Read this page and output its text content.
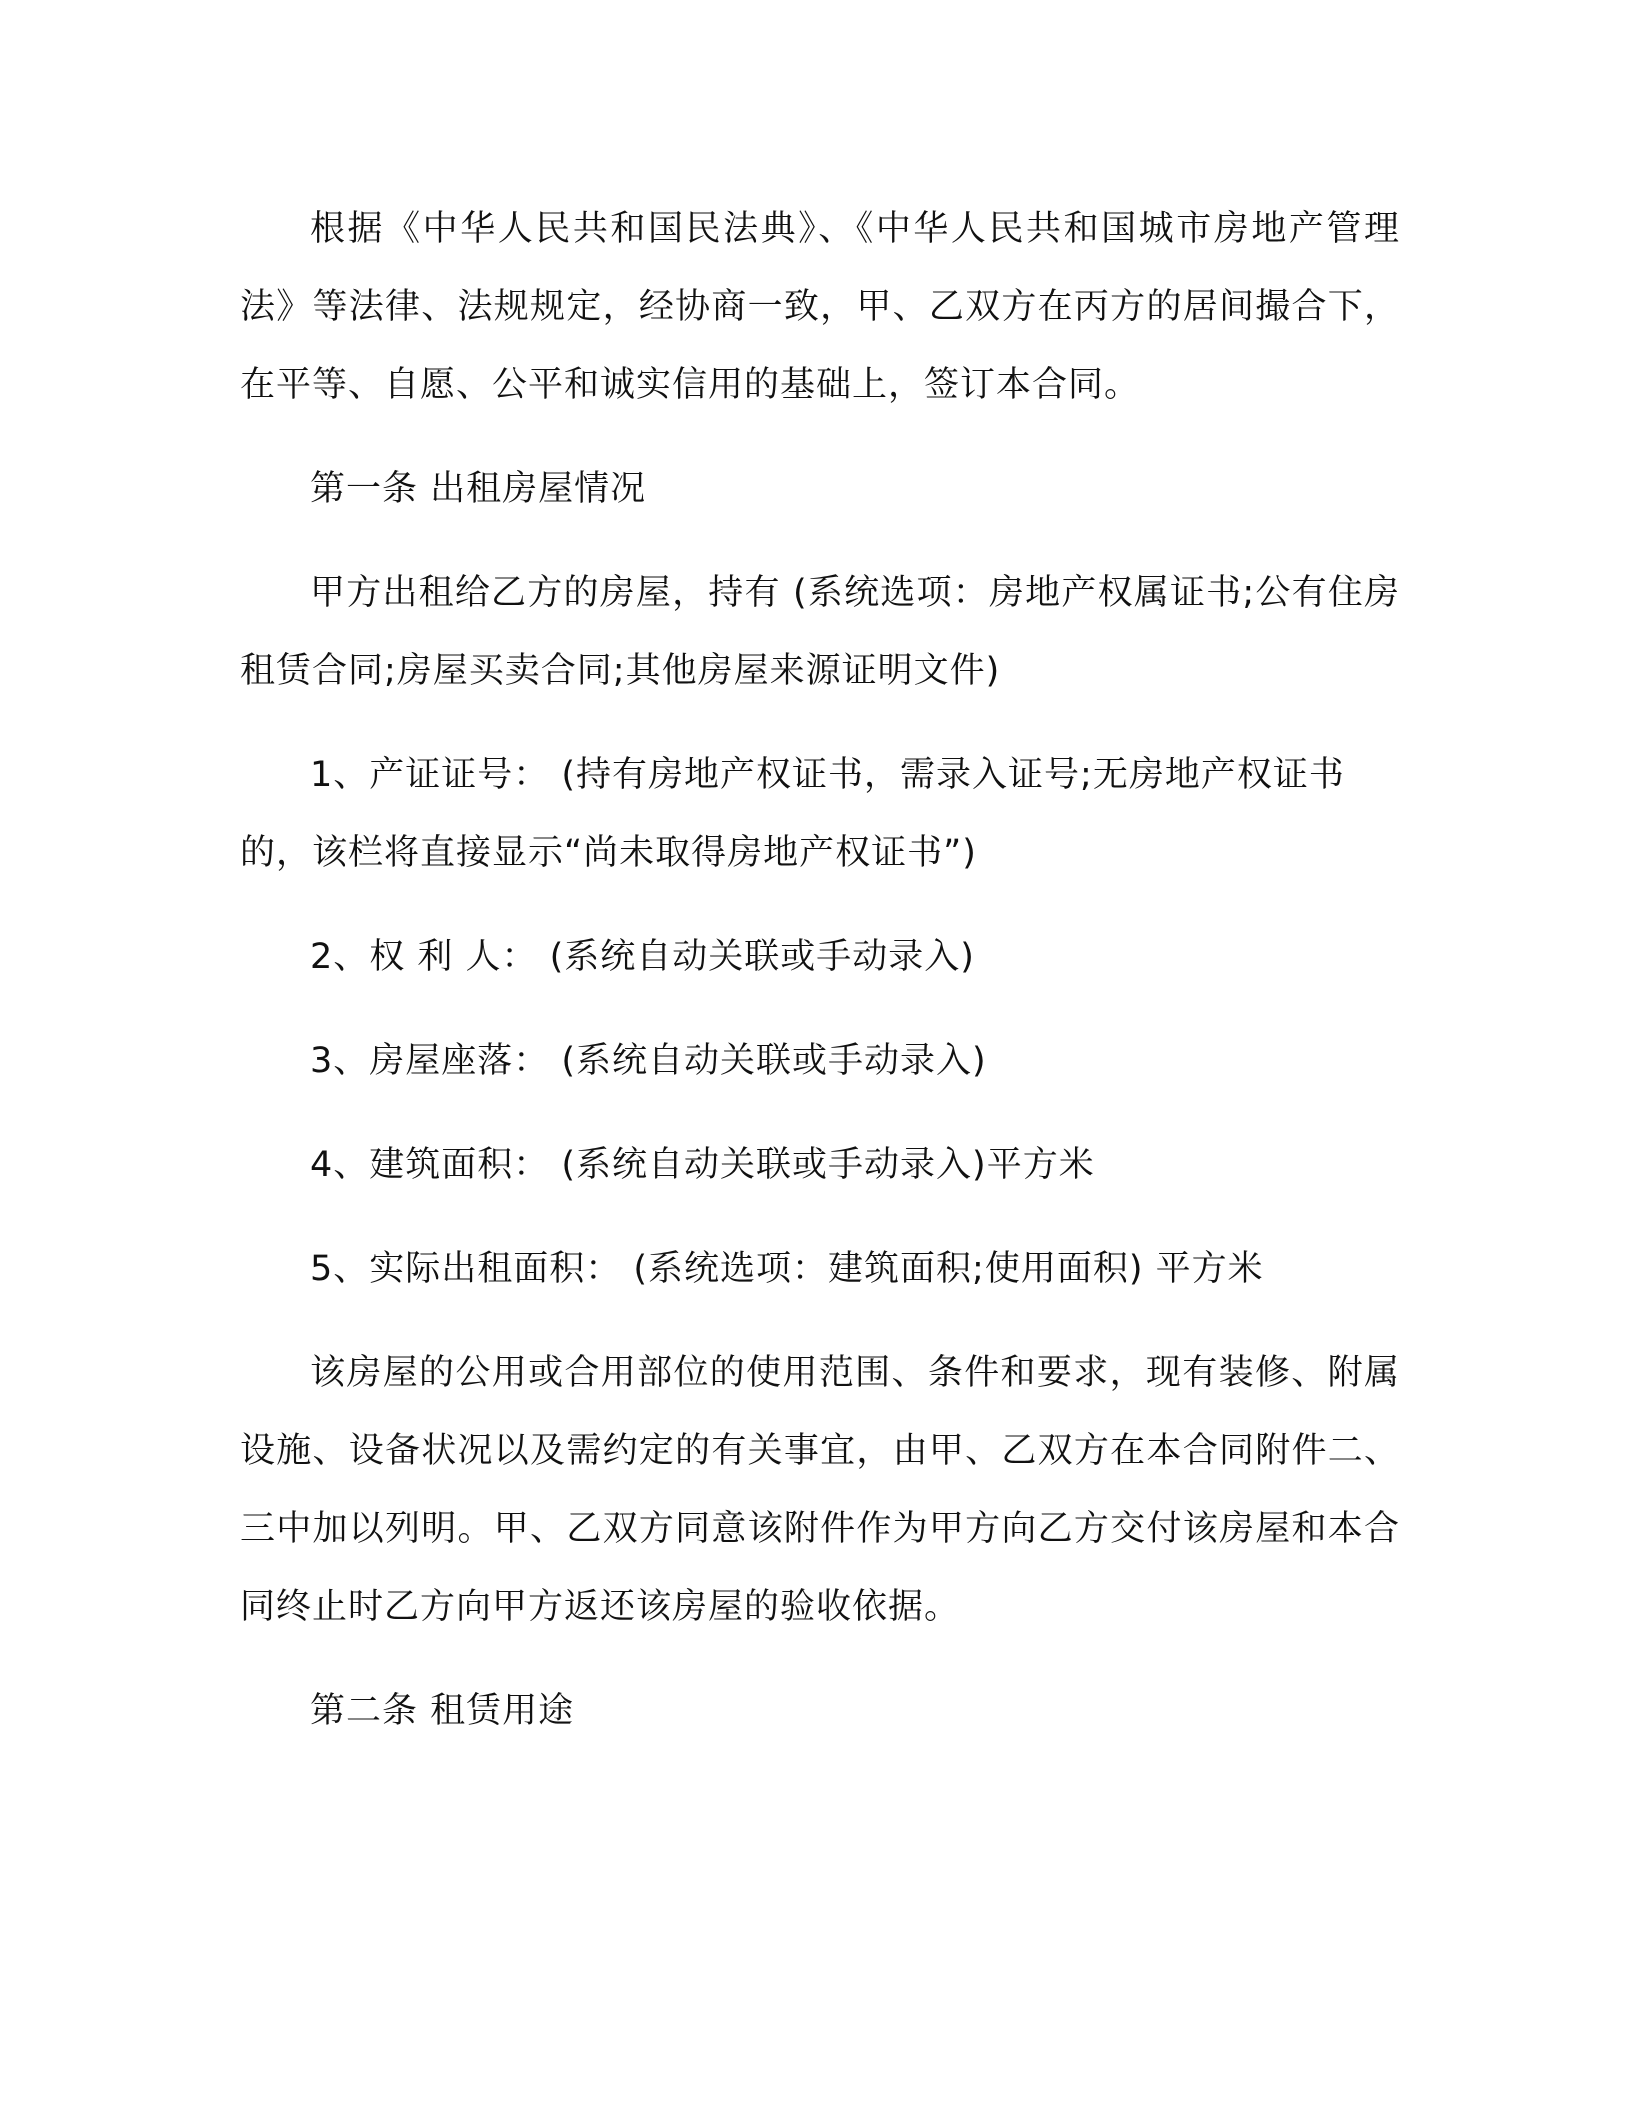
根据《中华人民共和国民法典》、《中华人民共和国城市房地产管理法》等法律、法规规定，经协商一致，甲、乙双方在丙方的居间撮合下，在平等、自愿、公平和诚实信用的基础上，签订本合同。

第一条 出租房屋情况

甲方出租给乙方的房屋，持有 (系统选项：房地产权属证书;公有住房租赁合同;房屋买卖合同;其他房屋来源证明文件)

1、产证证号： (持有房地产权证书，需录入证号;无房地产权证书的，该栏将直接显示“尚未取得房地产权证书”)

2、权 利 人： (系统自动关联或手动录入)

3、房屋座落： (系统自动关联或手动录入)

4、建筑面积： (系统自动关联或手动录入)平方米

5、实际出租面积： (系统选项：建筑面积;使用面积) 平方米

该房屋的公用或合用部位的使用范围、条件和要求，现有装修、附属设施、设备状况以及需约定的有关事宜，由甲、乙双方在本合同附件二、三中加以列明。甲、乙双方同意该附件作为甲方向乙方交付该房屋和本合同终止时乙方向甲方返还该房屋的验收依据。

第二条 租赁用途
